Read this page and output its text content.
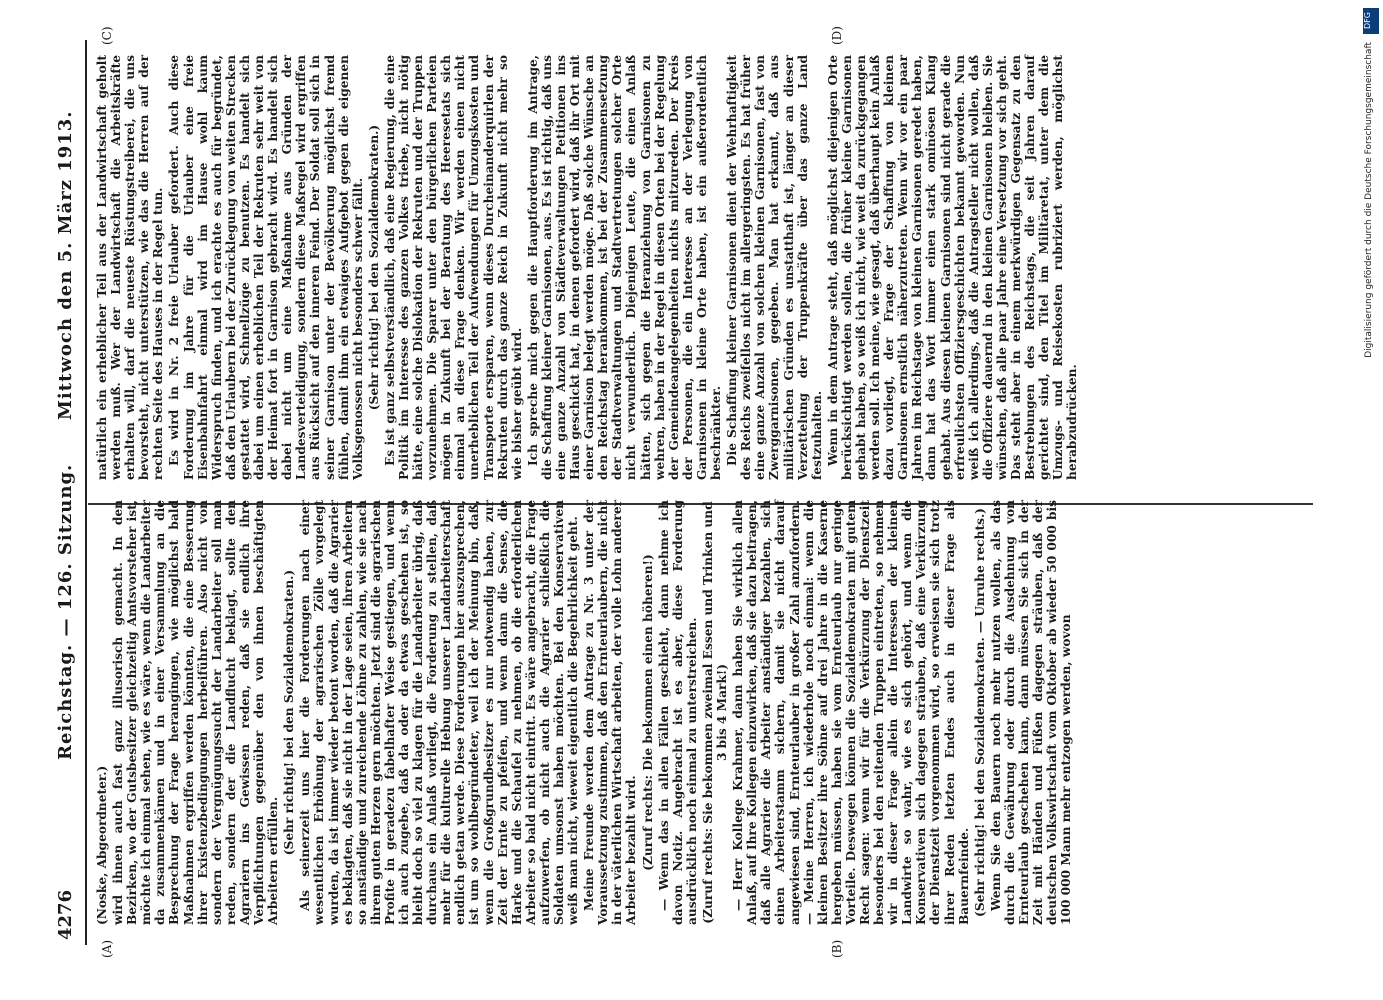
4276
Reichstag. — 126. Sitzung.
Mittwoch den 5. März 1913.
(A)	(B)
(C)	(D)

(Noske, Abgeordneter.) wird ihnen auch fast ganz illusorisch gemacht. In den Bezirken, wo der Gutsbesitzer gleichzeitig Amtsvorsteher ist, möchte ich einmal sehen, wie es wäre, wenn die Landarbeiter da zusammenkämen und in einer Versammlung an die Besprechung der Frage herangingen, wie möglichst bald Maßnahmen ergriffen werden könnten, die eine Besserung ihrer Existenzbedingungen herbeiführen. Also nicht von sondern der Vergnügungssucht der Landarbeiter soll man reden, sondern der die Landflucht beklagt, sollte den Agrariern ins Gewissen reden, daß sie endlich ihre Verpflichtungen gegenüber den von ihnen beschäftigten Arbeitern erfüllen.

(Sehr richtig! bei den Sozialdemokraten.) Als seinerzeit uns hier die Forderungen nach einer wesentlichen Erhöhung der agrarischen Zölle vorgelegt wurden, da ist immer wieder betont worden, daß die Agrarier es beklagten, daß sie nicht in der Lage seien, ihren Arbeitern so anständige und zureichende Löhne zu zahlen, wie sie nach ihrem guten Herzen gern möchten. Jetzt sind die agrarischen Profite in geradezu fabelhafter Weise gestiegen, und wenn ich auch zugebe, daß da oder da etwas geschehen ist, so bleibt doch so viel zu klagen für die Landarbeiter übrig, daß durchaus ein Anlaß vorliegt, die Forderung zu stellen, daß mehr für die kulturelle Hebung unserer Landarbeiterschaft endlich getan werde. Diese Forderungen hier auszusprechen, ist um so wohlbegründeter, weil ich der Meinung bin, daß, wenn die Großgrundbesitzer es nur notwendig haben, zur Zeit der Ernte zu pfeifen, und wenn dann die Sense, die Harke und die Schaufel zu nehmen, ob die erforderlichen Arbeiter so bald nicht eintritt. Es wäre angebracht, die Frage aufzuwerfen, ob nicht auch die Agrarier schließlich die Soldaten umsonst haben möchten. Bei den Konservativen weiß man nicht, wieweit eigentlich die Begehrlichkeit geht. Meine Freunde werden dem Antrage zu Nr. 3 unter der Voraussetzung zustimmen, daß den Ernteurlaubern, die nicht in der väterlichen Wirtschaft arbeiten, der volle Lohn anderer Arbeiter bezahlt wird. (Zuruf rechts: Die bekommen einen höheren!) — Wenn das in allen Fällen geschieht, dann nehme ich davon Notiz. Angebracht ist es aber, diese Forderung ausdrücklich noch einmal zu unterstreichen. (Zuruf rechts: Sie bekommen zweimal Essen und Trinken und 3 bis 4 Mark!) — Herr Kollege Krahmer, dann haben Sie wirklich allen Anlaß, auf Ihre Kollegen einzuwirken, daß sie dazu beitragen, daß alle Agrarier die Arbeiter anständiger bezahlen, sich einen Arbeiterstamm sichern, damit sie nicht darauf angewiesen sind, Ernteurlauber in großer Zahl anzufordern. — Meine Herren, ich wiederhole noch einmal: wenn die kleinen Besitzer ihre Söhne auf drei Jahre in die Kaserne hergeben müssen, haben sie vom Ernteurlaub nur geringe Vorteile. Deswegen können die Sozialdemokraten mit gutem Recht sagen: wenn wir für die Verkürzung der Dienstzeit besonders bei den reitenden Truppen eintreten, so nehmen wir in dieser Frage allein die Interessen der kleinen Landwirte so wahr, wie es sich gehört, und wenn die Konservativen sich dagegen sträuben, daß eine Verkürzung der Dienstzeit vorgenommen wird, so erweisen sie sich trotz ihrer Reden letzten Endes auch in dieser Frage als Bauernfeinde. (Sehr richtig! bei den Sozialdemokraten. — Unruhe rechts.) Wenn Sie den Bauern noch mehr nutzen wollen, als das durch die Gewährung oder durch die Ausdehnung von Ernteurlaub geschehen kann, dann müssen Sie sich in der Zeit mit Händen und Füßen dagegen sträuben, daß der deutschen Volkswirtschaft vom Oktober ab wieder 50 000 bis 100 000 Mann mehr entzogen werden, wovon

natürlich ein erheblicher Teil aus der Landwirtschaft geholt werden muß. Wer der Landwirtschaft die Arbeitskräfte erhalten will, darf die neueste Rüstungstreiberei, die uns bevorsteht, nicht unterstützen, wie das die Herren auf der rechten Seite des Hauses in der Regel tun. Es wird in Nr. 2 freie Urlauber gefordert. Auch diese Forderung im Jahre für die Urlauber eine freie Eisenbahnfahrt einmal wird im Hause wohl kaum Widerspruch finden, und ich erachte es auch für begründet, daß den Urlaubern bei der Zurücklegung von weiten Strecken gestattet wird, Schnellzüge zu benutzen. Es handelt sich dabei um einen erheblichen Teil der Rekruten sehr weit von der Heimat fort in Garnison gebracht wird. Es handelt sich dabei nicht um eine Maßnahme aus Gründen der Landesverteidigung, sondern diese Maßregel wird ergriffen aus Rücksicht auf den inneren Feind. Der Soldat soll sich in seiner Garnison unter der Bevölkerung möglichst fremd fühlen, damit ihm ein etwaiges Aufgebot gegen die eigenen Volksgenossen nicht besonders schwer fällt. (Sehr richtig! bei den Sozialdemokraten.) Es ist ganz selbstverständlich, daß eine Regierung, die eine Politik im Interesse des ganzen Volkes triebe, nicht nötig hätte, eine solche Dislokation der Rekruten und der Truppen vorzunehmen. Die Sparer unter den bürgerlichen Parteien mögen in Zukunft bei der Beratung des Heeresetats sich einmal an diese Frage denken. Wir werden einen nicht unerheblichen Teil der Aufwendungen für Umzugskosten und Transporte ersparen, wenn dieses Durcheinanderquirlen der Rekruten durch das ganze Reich in Zukunft nicht mehr so wie bisher geübt wird. Ich spreche mich gegen die Hauptforderung im Antrage, die Schaffung kleiner Garnisonen, aus. Es ist richtig, daß uns eine ganze Anzahl von Städteverwaltungen Petitionen ins Haus geschickt hat, in denen gefordert wird, daß ihr Ort mit einer Garnison belegt werden möge. Daß solche Wünsche an den Reichstag herankommen, ist bei der Zusammensetzung der Stadtverwaltungen und Stadtvertretungen solcher Orte nicht verwunderlich. Diejenigen Leute, die einen Anlaß hätten, sich gegen die Heranziehung von Garnisonen zu wehren, haben in der Regel in diesen Orten bei der Regelung der Gemeindeangelegenheiten nichts mitzureden. Der Kreis der Personen, die ein Interesse an der Verlegung von Garnisonen in kleine Orte haben, ist ein außerordentlich beschränkter. Die Schaffung kleiner Garnisonen dient der Wehrhaftigkeit des Reichs zweifellos nicht im allergeringsten. Es hat früher eine ganze Anzahl von solchen kleinen Garnisonen, fast von Zwerggarnisonen, gegeben. Man hat erkannt, daß aus militärischen Gründen es unstatthaft ist, länger an dieser Verzettelung der Truppenkräfte über das ganze Land festzuhalten. Wenn in dem Antrage steht, daß möglichst diejenigen Orte berücksichtigt werden sollen, die früher kleine Garnisonen gehabt haben, so weiß ich nicht, wie weit da zurückgegangen werden soll. Ich meine, wie gesagt, daß überhaupt kein Anlaß dazu vorliegt, der Frage der Schaffung von kleinen Garnisonen ernstlich näherzutreten. Wenn wir vor ein paar Jahren im Reichstage von kleinen Garnisonen geredet haben, dann hat das Wort immer einen stark ominösen Klang gehabt. Aus diesen kleinen Garnisonen sind nicht gerade die erfreulichsten Offiziersgeschichten bekannt geworden. Nun weiß ich allerdings, daß die Antragsteller nicht wollen, daß die Offiziere dauernd in den kleinen Garnisonen bleiben. Sie wünschen, daß alle paar Jahre eine Versetzung vor sich geht. Das steht aber in einem merkwürdigen Gegensatz zu den Bestrebungen des Reichstags, die seit Jahren darauf gerichtet sind, den Titel im Militäretat, unter dem die Umzugs- und Reisekosten rubriziert werden, möglichst herabzudrücken.

DFG
Digitalisierung gefördert durch die Deutsche Forschungsgemeinschaft
